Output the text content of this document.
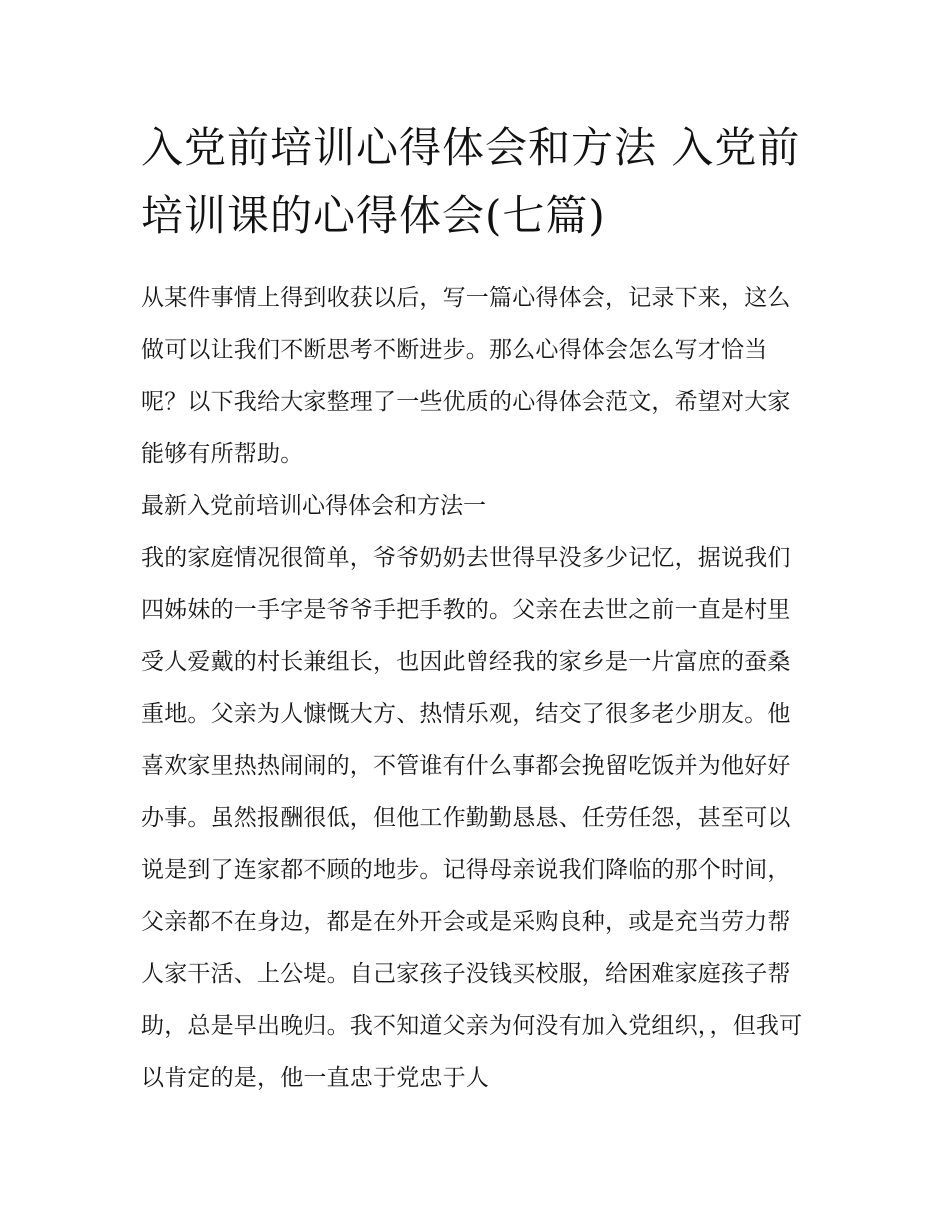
入党前培训心得体会和方法 入党前培训课的心得体会(七篇)

从某件事情上得到收获以后，写一篇心得体会，记录下来，这么做可以让我们不断思考不断进步。那么心得体会怎么写才恰当呢？以下我给大家整理了一些优质的心得体会范文，希望对大家能够有所帮助。

最新入党前培训心得体会和方法一

我的家庭情况很简单，爷爷奶奶去世得早没多少记忆，据说我们四姊妹的一手字是爷爷手把手教的。父亲在去世之前一直是村里受人爱戴的村长兼组长，也因此曾经我的家乡是一片富庶的蚕桑重地。父亲为人慷慨大方、热情乐观，结交了很多老少朋友。他喜欢家里热热闹闹的，不管谁有什么事都会挽留吃饭并为他好好办事。虽然报酬很低，但他工作勤勤恳恳、任劳任怨，甚至可以说是到了连家都不顾的地步。记得母亲说我们降临的那个时间，父亲都不在身边，都是在外开会或是采购良种，或是充当劳力帮人家干活、上公堤。自己家孩子没钱买校服，给困难家庭孩子帮助，总是早出晚归。我不知道父亲为何没有加入党组织，，但我可以肯定的是，他一直忠于党忠于人
